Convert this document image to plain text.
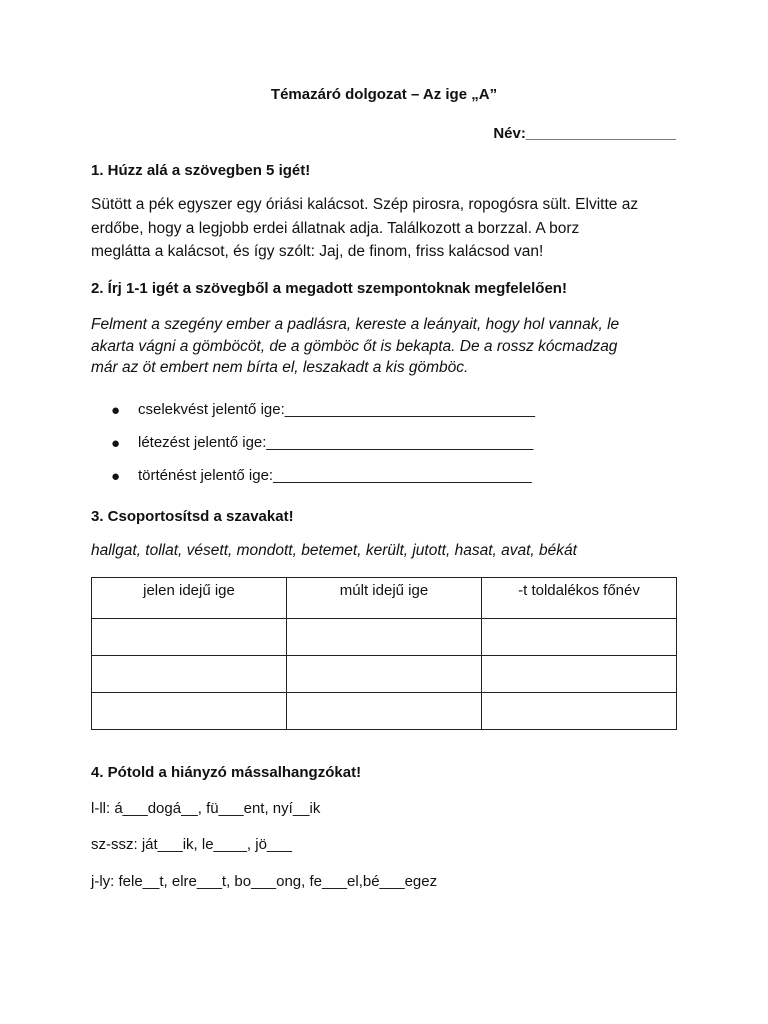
Témazáró dolgozat – Az ige „A”
Név:__________________
1. Húzz alá a szövegben 5 igét!
Sütött a pék egyszer egy óriási kalácsot. Szép pirosra, ropogósra sült. Elvitte az
erdőbe, hogy a legjobb erdei állatnak adja. Találkozott a borzzal. A borz
meglátta a kalácsot, és így szólt: Jaj, de finom, friss kalácsod van!
2. Írj 1-1 igét a szövegből a megadott szempontoknak megfelelően!
Felment a szegény ember a padlásra, kereste a leányait, hogy hol vannak, le
akarta vágni a gömböcöt, de a gömböc őt is bekapta. De a rossz kócmadzag
már az öt embert nem bírta el, leszakadt a kis gömböc.
● cselekvést jelentő ige:______________________________
● létezést jelentő ige:________________________________
● történést jelentő ige:_______________________________
3. Csoportosítsd a szavakat!
hallgat, tollat, vésett, mondott, betemet, került, jutott, hasat, avat, békát
jelen idejű ige	múlt idejű ige	-t toldalékos főnév

4. Pótold a hiányzó mássalhangzókat!
l-ll: á___dogá__, fü___ent, nyí__ik
sz-ssz: ját___ik, le____, jö___
j-ly: fele__t, elre___t, bo___ong, fe___el,bé___egez
